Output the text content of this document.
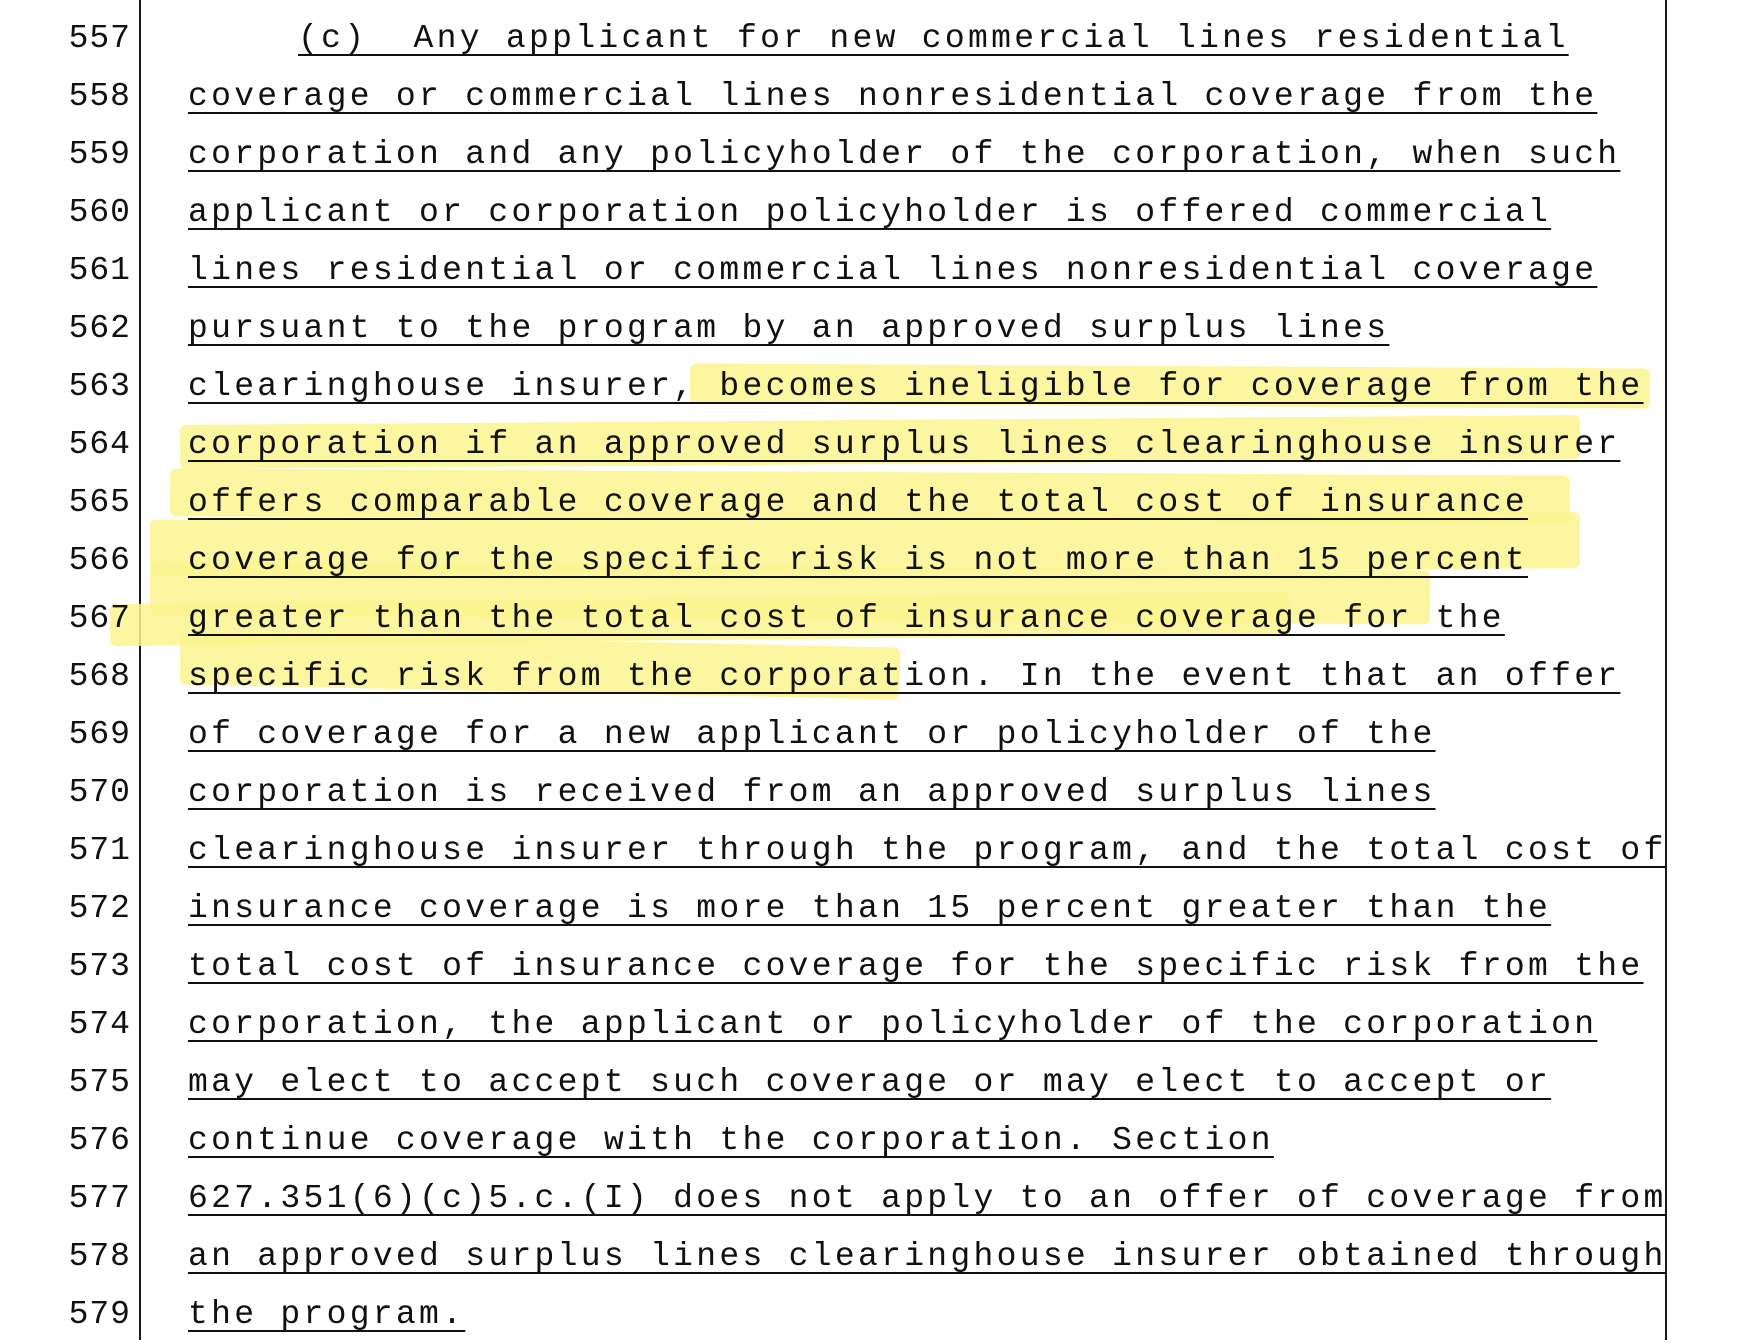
557
558
559
560
561
562
563
564
565
566
567
568
569
570
571
572
573
574
575
576
577
578
579
(c)  Any applicant for new commercial lines residential
coverage or commercial lines nonresidential coverage from the
corporation and any policyholder of the corporation, when such
applicant or corporation policyholder is offered commercial
lines residential or commercial lines nonresidential coverage
pursuant to the program by an approved surplus lines
clearinghouse insurer, becomes ineligible for coverage from the
corporation if an approved surplus lines clearinghouse insurer
offers comparable coverage and the total cost of insurance
coverage for the specific risk is not more than 15 percent
greater than the total cost of insurance coverage for the
specific risk from the corporation. In the event that an offer
of coverage for a new applicant or policyholder of the
corporation is received from an approved surplus lines
clearinghouse insurer through the program, and the total cost of
insurance coverage is more than 15 percent greater than the
total cost of insurance coverage for the specific risk from the
corporation, the applicant or policyholder of the corporation
may elect to accept such coverage or may elect to accept or
continue coverage with the corporation. Section
627.351(6)(c)5.c.(I) does not apply to an offer of coverage from
an approved surplus lines clearinghouse insurer obtained through
the program.
